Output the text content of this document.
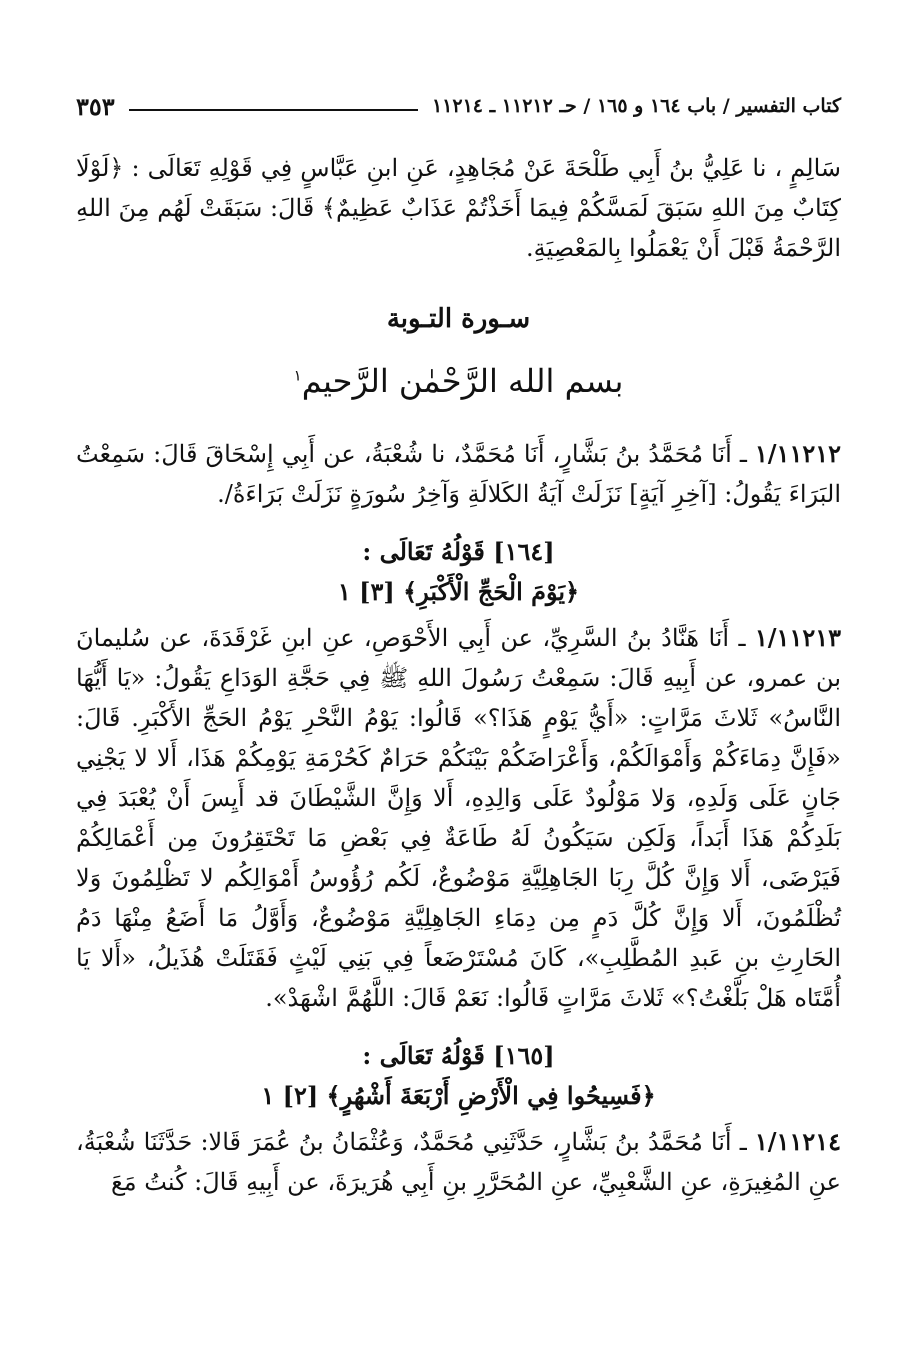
كتاب التفسير / باب ١٦٤ و ١٦٥ / حـ ١١٢١٢ ـ ١١٢١٤
٣٥٣

سَالِمٍ ، نا عَلِيُّ بنُ أَبِي طَلْحَةَ عَنْ مُجَاهِدٍ، عَنِ ابنِ عَبَّاسٍ فِي قَوْلِهِ تَعَالَى : ﴿لَوْلَا كِتَابٌ مِنَ اللهِ سَبَقَ لَمَسَّكُمْ فِيمَا أَخَذْتُمْ عَذَابٌ عَظِيمٌ﴾ قَالَ: سَبَقَتْ لَهُم مِنَ اللهِ الرَّحْمَةُ قَبْلَ أَنْ يَعْمَلُوا بِالمَعْصِيَةِ.

سـورة التـوبة
بسم الله الرَّحْمٰن الرَّحيم$^١$

١/١١٢١٢ ـ أَنَا مُحَمَّدُ بنُ بَشَّارٍ، أَنَا مُحَمَّدٌ، نا شُعْبَةُ، عن أَبِي إِسْحَاقَ قَالَ: سَمِعْتُ البَرَاءَ يَقُولُ: [آخِرِ آيَةٍ] نَزَلَتْ آيَةُ الكَلالَةِ وَآخِرُ سُورَةٍ نَزَلَتْ بَرَاءَةُ/.

[١٦٤] قَوْلُهُ تَعَالَى :
﴿يَوْمَ الْحَجِّ الْأَكْبَرِ﴾ [٣] ١

١/١١٢١٣ ـ أَنَا هَنَّادُ بنُ السَّرِيِّ، عن أَبِي الأَحْوَصِ، عنِ ابنِ غَرْقَدَةَ، عن سُليمانَ بن عمرو، عن أَبِيهِ قَالَ: سَمِعْتُ رَسُولَ اللهِ ﷺ فِي حَجَّةِ الوَدَاعِ يَقُولُ: «يَا أَيُّهَا النَّاسُ» ثَلاثَ مَرَّاتٍ: «أَيُّ يَوْمٍ هَذَا؟» قَالُوا: يَوْمُ النَّحْرِ يَوْمُ الحَجِّ الأَكْبَرِ. قَالَ: «فَإِنَّ دِمَاءَكُمْ وَأَمْوَالَكُمْ، وَأَعْرَاضَكُمْ بَيْنَكُمْ حَرَامٌ كَحُرْمَةِ يَوْمِكُمْ هَذَا، أَلا لا يَجْنِي جَانٍ عَلَى وَلَدِهِ، وَلا مَوْلُودٌ عَلَى وَالِدِهِ، أَلا وَإِنَّ الشَّيْطَانَ قد أَيِسَ أَنْ يُعْبَدَ فِي بَلَدِكُمْ هَذَا أَبَداً، وَلَكِن سَيَكُونُ لَهُ طَاعَةٌ فِي بَعْضِ مَا تَحْتَقِرُونَ مِن أَعْمَالِكُمْ فَيَرْضَى، أَلا وَإِنَّ كُلَّ رِبَا الجَاهِلِيَّةِ مَوْضُوعٌ، لَكُم رُؤُوسُ أَمْوَالِكُم لا تَظْلِمُونَ وَلا تُظْلَمُونَ، أَلا وَإِنَّ كُلَّ دَمٍ مِن دِمَاءِ الجَاهِلِيَّةِ مَوْضُوعٌ، وَأَوَّلُ مَا أَضَعُ مِنْهَا دَمُ الحَارِثِ بنِ عَبدِ المُطَّلِبِ»، كَانَ مُسْتَرْضَعاً فِي بَنِي لَيْثٍ فَقَتَلَتْ هُذَيلُ، «أَلا يَا أُمَّتَاه هَلْ بَلَّغْتُ؟» ثَلاثَ مَرَّاتٍ قَالُوا: نَعَمْ قَالَ: اللَّهُمَّ اشْهَدْ».

[١٦٥] قَوْلُهُ تَعَالَى :
﴿فَسِيحُوا فِي الْأَرْضِ أَرْبَعَةَ أَشْهُرٍ﴾ [٢] ١

١/١١٢١٤ ـ أَنَا مُحَمَّدُ بنُ بَشَّارٍ، حَدَّثَنِي مُحَمَّدٌ، وَعُثْمَانُ بنُ عُمَرَ قَالا: حَدَّثَنَا شُعْبَةُ، عنِ المُغِيرَةِ، عنِ الشَّعْبِيِّ، عنِ المُحَرَّرِ بنِ أَبِي هُرَيرَةَ، عن أَبِيهِ قَالَ: كُنتُ مَعَ
